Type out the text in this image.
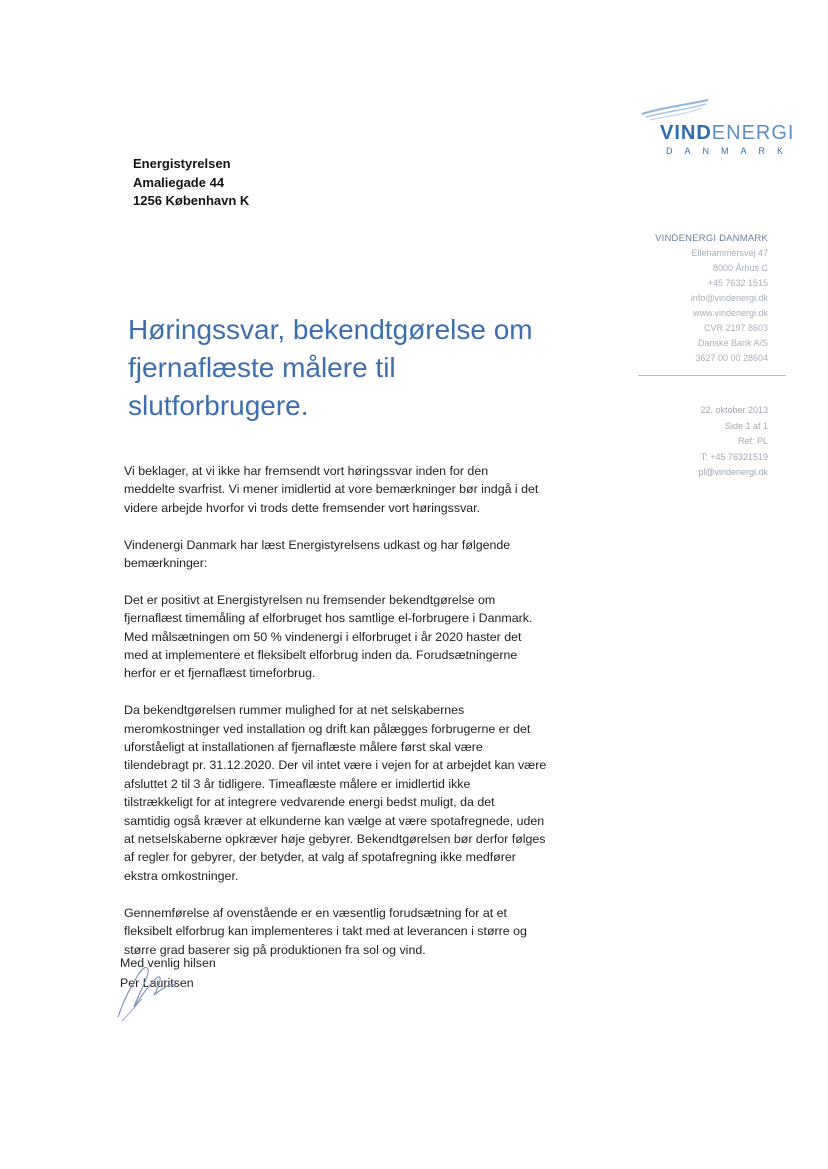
VINDENERGI
DANMARK
Energistyrelsen
Amaliegade 44
1256 København K
VINDENERGI DANMARK
Ellehammersvej 47
8000 Århus C
+45 7632 1515
info@vindenergi.dk
www.vindenergi.dk
CVR 2197 8603
Danske Bank A/S
3627 00 00 28604
22. oktober 2013
Side 1 af 1
Ref: PL
T: +45 76321519
pl@vindenergi.dk
Høringssvar, bekendtgørelse om
fjernaflæste målere til
slutforbrugere.
Vi beklager, at vi ikke har fremsendt vort høringssvar inden for den
meddelte svarfrist. Vi mener imidlertid at vore bemærkninger bør indgå i det
videre arbejde hvorfor vi trods dette fremsender vort høringssvar.
Vindenergi Danmark har læst Energistyrelsens udkast og har følgende
bemærkninger:
Det er positivt at Energistyrelsen nu fremsender bekendtgørelse om
fjernaflæst timemåling af elforbruget hos samtlige el-forbrugere i Danmark.
Med målsætningen om 50 % vindenergi i elforbruget i år 2020 haster det
med at implementere et fleksibelt elforbrug inden da. Forudsætningerne
herfor er et fjernaflæst timeforbrug.
Da bekendtgørelsen rummer mulighed for at net selskabernes
meromkostninger ved installation og drift kan pålægges forbrugerne er det
uforståeligt at installationen af fjernaflæste målere først skal være
tilendebragt pr. 31.12.2020. Der vil intet være i vejen for at arbejdet kan være
afsluttet 2 til 3 år tidligere. Timeaflæste målere er imidlertid ikke
tilstrækkeligt for at integrere vedvarende energi bedst muligt, da det
samtidig også kræver at elkunderne kan vælge at være spotafregnede, uden
at netselskaberne opkræver høje gebyrer. Bekendtgørelsen bør derfor følges
af regler for gebyrer, der betyder, at valg af spotafregning ikke medfører
ekstra omkostninger.
Gennemførelse af ovenstående er en væsentlig forudsætning for at et
fleksibelt elforbrug kan implementeres i takt med at leverancen i større og
større grad baserer sig på produktionen fra sol og vind.
Med venlig hilsen
Per Lauritsen
